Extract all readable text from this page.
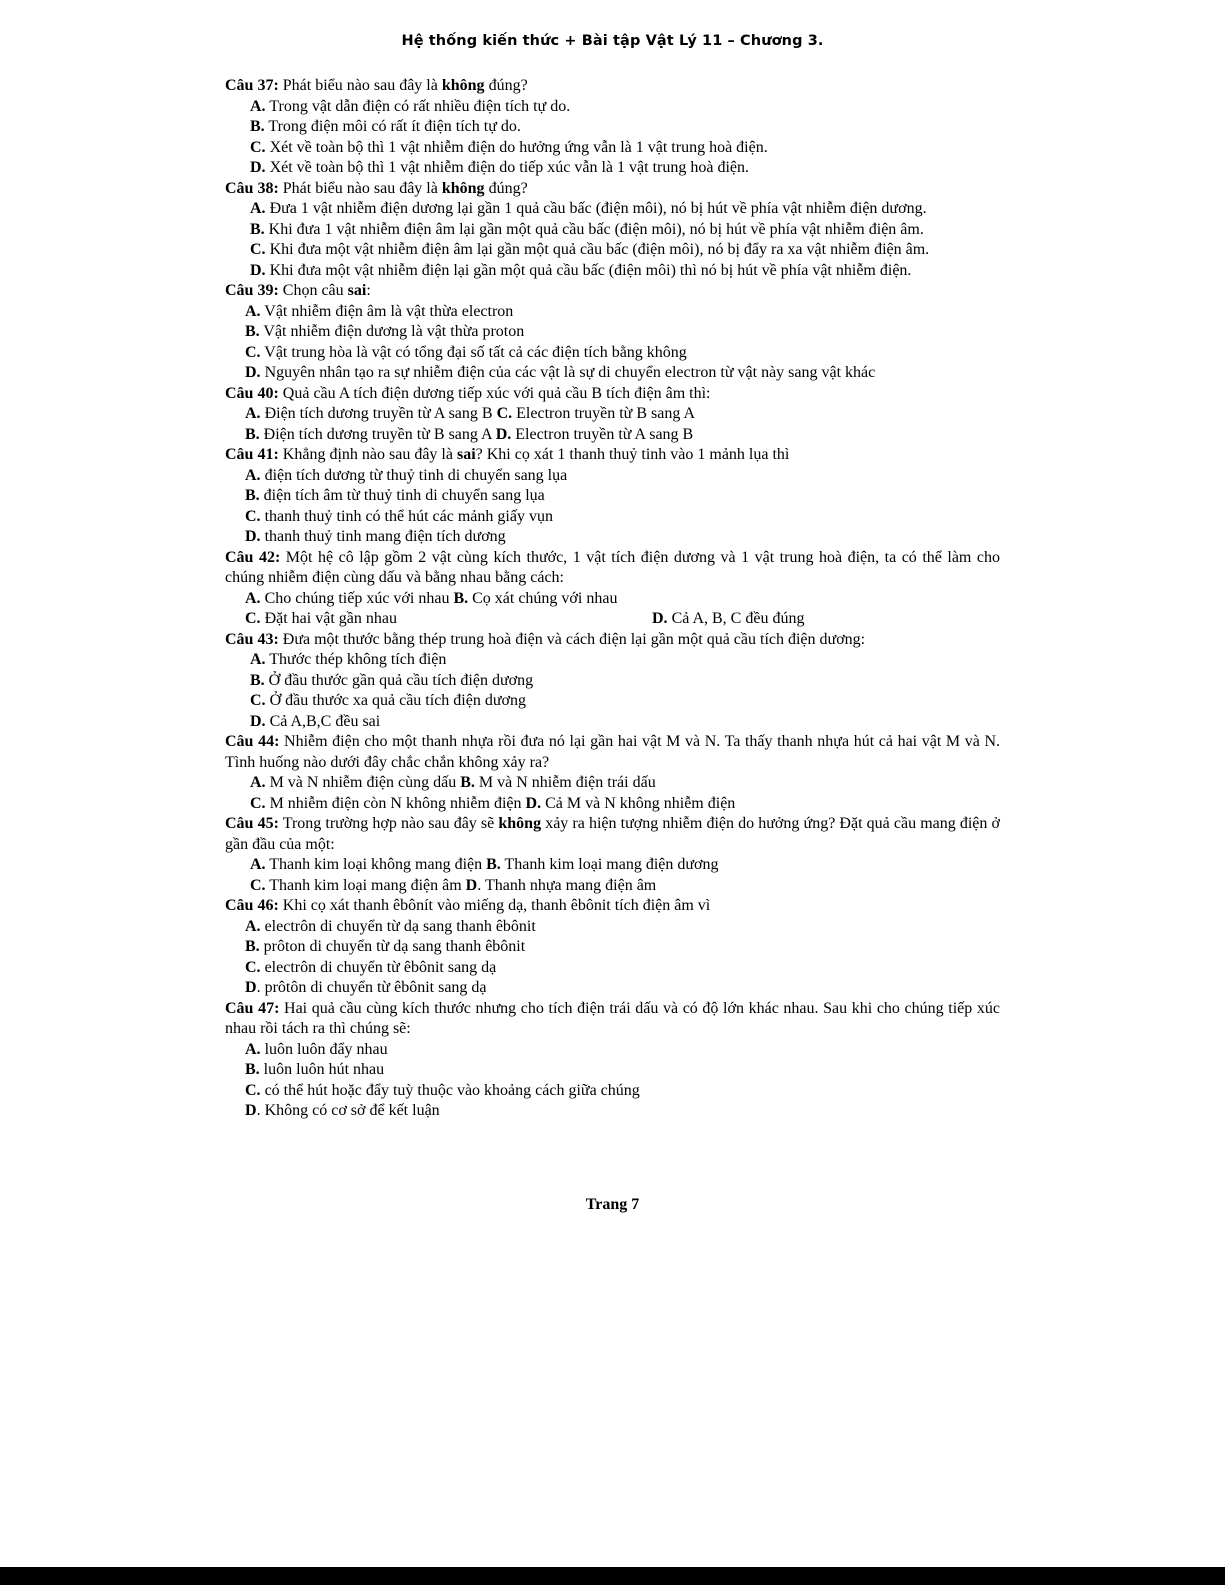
Hệ thống kiến thức + Bài tập Vật Lý 11 – Chương 3.
Câu 37: Phát biểu nào sau đây là không đúng?
A. Trong vật dẫn điện có rất nhiều điện tích tự do.
B. Trong điện môi có rất ít điện tích tự do.
C. Xét về toàn bộ thì 1 vật nhiễm điện do hưởng ứng vẫn là 1 vật trung hoà điện.
D. Xét về toàn bộ thì 1 vật nhiễm điện do tiếp xúc vẫn là 1 vật trung hoà điện.
Câu 38: Phát biểu nào sau đây là không đúng?
A. Đưa 1 vật nhiễm điện dương lại gần 1 quả cầu bấc (điện môi), nó bị hút về phía vật nhiễm điện dương.
B. Khi đưa 1 vật nhiễm điện âm lại gần một quả cầu bấc (điện môi), nó bị hút về phía vật nhiễm điện âm.
C. Khi đưa một vật nhiễm điện âm lại gần một quả cầu bấc (điện môi), nó bị đẩy ra xa vật nhiễm điện âm.
D. Khi đưa một vật nhiễm điện lại gần một quả cầu bấc (điện môi) thì nó bị hút về phía vật nhiễm điện.
Câu 39: Chọn câu sai:
A. Vật nhiễm điện âm là vật thừa electron
B. Vật nhiễm điện dương là vật thừa proton
C. Vật trung hòa là vật có tổng đại số tất cả các điện tích bằng không
D. Nguyên nhân tạo ra sự nhiễm điện của các vật là sự di chuyển electron từ vật này sang vật khác
Câu 40: Quả cầu A tích điện dương tiếp xúc với quả cầu B tích điện âm thì:
A. Điện tích dương truyền từ A sang B C. Electron truyền từ B sang A
B. Điện tích dương truyền từ B sang A D. Electron truyền từ A sang B
Câu 41: Khẳng định nào sau đây là sai? Khi cọ xát 1 thanh thuỷ tinh vào 1 mảnh lụa thì
A. điện tích dương từ thuỷ tinh di chuyển sang lụa
B. điện tích âm từ thuỷ tinh di chuyển sang lụa
C. thanh thuỷ tinh có thể hút các mảnh giấy vụn
D. thanh thuỷ tinh mang điện tích dương
Câu 42: Một hệ cô lập gồm 2 vật cùng kích thước, 1 vật tích điện dương và 1 vật trung hoà điện, ta có thể làm cho chúng nhiễm điện cùng dấu và bằng nhau bằng cách:
A. Cho chúng tiếp xúc với nhau B. Cọ xát chúng với nhau
C. Đặt hai vật gần nhau	D. Cả A, B, C đều đúng
Câu 43: Đưa một thước bằng thép trung hoà điện và cách điện lại gần một quả cầu tích điện dương:
A. Thước thép không tích điện
B. Ở đầu thước gần quả cầu tích điện dương
C. Ở đầu thước xa quả cầu tích điện dương
D. Cả A,B,C đều sai
Câu 44: Nhiễm điện cho một thanh nhựa rồi đưa nó lại gần hai vật M và N. Ta thấy thanh nhựa hút cả hai vật M và N. Tình huống nào dưới đây chắc chắn không xảy ra?
A. M và N nhiễm điện cùng dấu B. M và N nhiễm điện trái dấu
C. M nhiễm điện còn N không nhiễm điện D. Cả M và N không nhiễm điện
Câu 45: Trong trường hợp nào sau đây sẽ không xảy ra hiện tượng nhiễm điện do hưởng ứng? Đặt quả cầu mang điện ở gần đầu của một:
A. Thanh kim loại không mang điện B. Thanh kim loại mang điện dương
C. Thanh kim loại mang điện âm D. Thanh nhựa mang điện âm
Câu 46: Khi cọ xát thanh êbônít vào miếng dạ, thanh êbônit tích điện âm vì
A. electrôn di chuyển từ dạ sang thanh êbônit
B. prôton di chuyển từ dạ sang thanh êbônit
C. electrôn di chuyển từ êbônit sang dạ
D. prôtôn di chuyển từ êbônit sang dạ
Câu 47: Hai quả cầu cùng kích thước nhưng cho tích điện trái dấu và có độ lớn khác nhau. Sau khi cho chúng tiếp xúc nhau rồi tách ra thì chúng sẽ:
A. luôn luôn đẩy nhau
B. luôn luôn hút nhau
C. có thể hút hoặc đẩy tuỳ thuộc vào khoảng cách giữa chúng
D. Không có cơ sở để kết luận
Trang 7
